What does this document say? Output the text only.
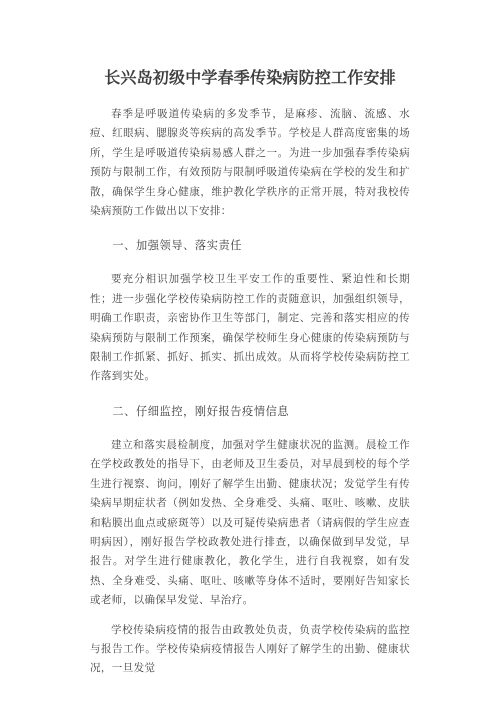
长兴岛初级中学春季传染病防控工作安排

春季是呼吸道传染病的多发季节，是麻疹、流脑、流感、水痘、红眼病、腮腺炎等疾病的高发季节。学校是人群高度密集的场所，学生是呼吸道传染病易感人群之一。为进一步加强春季传染病预防与限制工作，有效预防与限制呼吸道传染病在学校的发生和扩散，确保学生身心健康，维护教化学秩序的正常开展，特对我校传染病预防工作做出以下安排：

一、加强领导、落实责任

要充分相识加强学校卫生平安工作的重要性、紧迫性和长期性；进一步强化学校传染病防控工作的责随意识，加强组织领导，明确工作职责，亲密协作卫生等部门，制定、完善和落实相应的传染病预防与限制工作预案，确保学校师生身心健康的传染病预防与限制工作抓紧、抓好、抓实、抓出成效。从而将学校传染病防控工作落到实处。

二、仔细监控，刚好报告疫情信息

建立和落实晨检制度，加强对学生健康状况的监测。晨检工作在学校政教处的指导下，由老师及卫生委员，对早晨到校的每个学生进行视察、询问，刚好了解学生出勤、健康状况；发觉学生有传染病早期症状者（例如发热、全身难受、头痛、呕吐、咳嗽、皮肤和粘膜出血点或瘀斑等）以及可疑传染病患者（请病假的学生应查明病因），刚好报告学校政教处进行排查，以确保做到早发觉，早报告。对学生进行健康教化，教化学生，进行自我视察，如有发热、全身难受、头痛、呕吐、咳嗽等身体不适时，要刚好告知家长或老师，以确保早发觉、早治疗。

学校传染病疫情的报告由政教处负责，负责学校传染病的监控与报告工作。学校传染病疫情报告人刚好了解学生的出勤、健康状况，一旦发觉
